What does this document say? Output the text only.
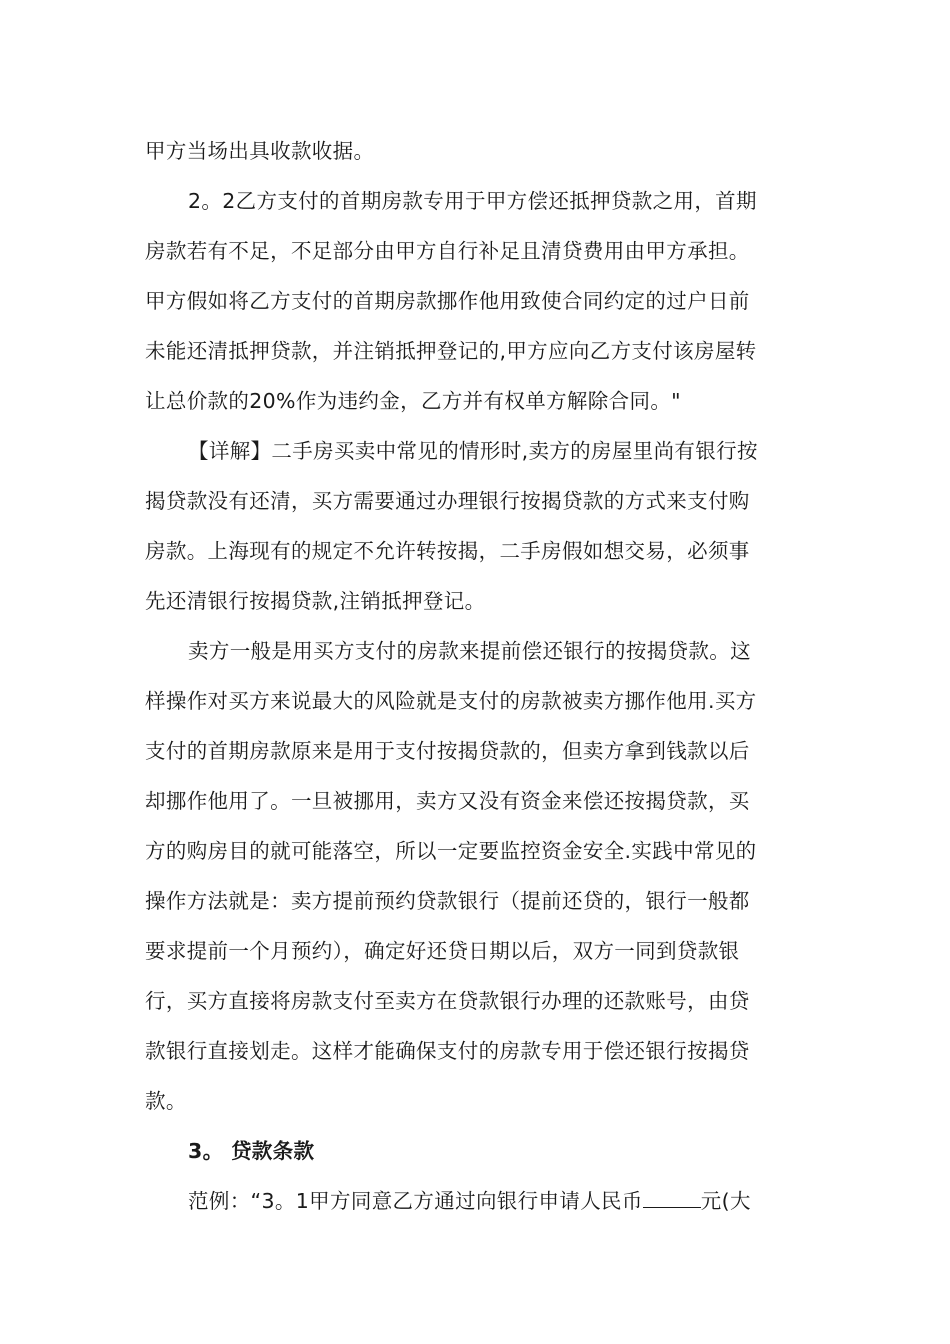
甲方当场出具收款收据。
2。2乙方支付的首期房款专用于甲方偿还抵押贷款之用，首期
房款若有不足，不足部分由甲方自行补足且清贷费用由甲方承担。
甲方假如将乙方支付的首期房款挪作他用致使合同约定的过户日前
未能还清抵押贷款，并注销抵押登记的,甲方应向乙方支付该房屋转
让总价款的20%作为违约金，乙方并有权单方解除合同。"
【详解】二手房买卖中常见的情形时,卖方的房屋里尚有银行按
揭贷款没有还清，买方需要通过办理银行按揭贷款的方式来支付购
房款。上海现有的规定不允许转按揭，二手房假如想交易，必须事
先还清银行按揭贷款,注销抵押登记。
卖方一般是用买方支付的房款来提前偿还银行的按揭贷款。这
样操作对买方来说最大的风险就是支付的房款被卖方挪作他用.买方
支付的首期房款原来是用于支付按揭贷款的，但卖方拿到钱款以后
却挪作他用了。一旦被挪用，卖方又没有资金来偿还按揭贷款，买
方的购房目的就可能落空，所以一定要监控资金安全.实践中常见的
操作方法就是：卖方提前预约贷款银行（提前还贷的，银行一般都
要求提前一个月预约），确定好还贷日期以后，双方一同到贷款银
行，买方直接将房款支付至卖方在贷款银行办理的还款账号，由贷
款银行直接划走。这样才能确保支付的房款专用于偿还银行按揭贷
款。
3。 贷款条款
范例：“3。1甲方同意乙方通过向银行申请人民币	元(大
